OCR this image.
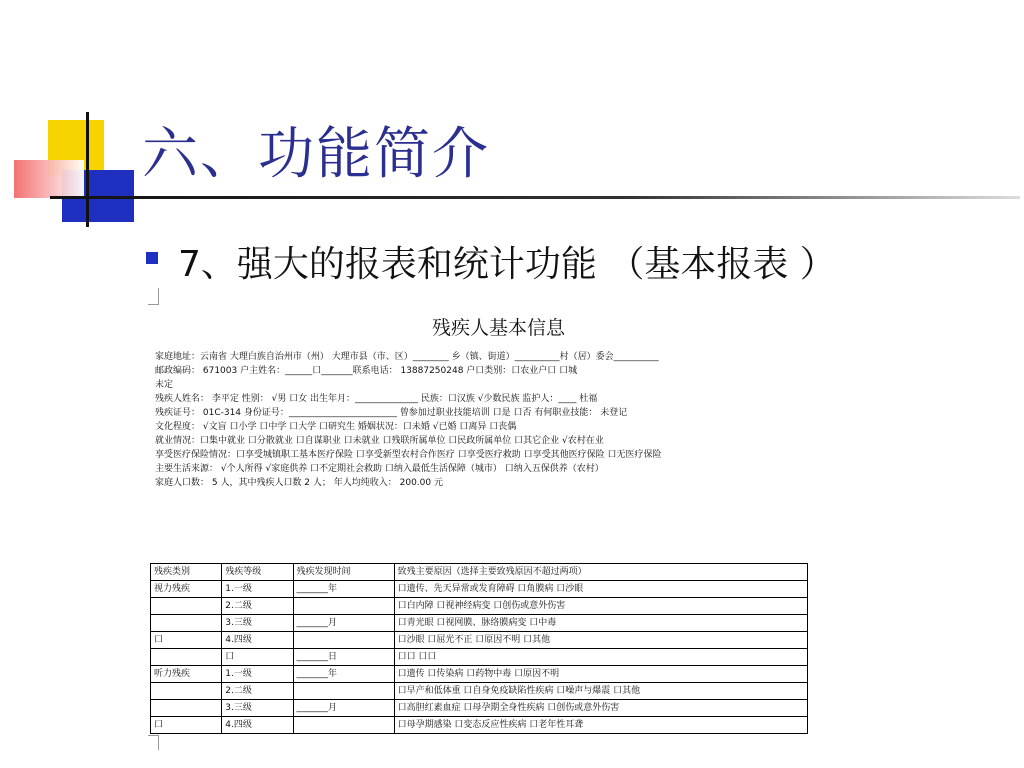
六、功能简介
7、强大的报表和统计功能 （基本报表 ）
残疾人基本信息
家庭地址：云南省 大理白族自治州市（州） 大理市县（市、区）________ 乡（镇、街道）__________村（居）委会__________
邮政编码： 671003 户主姓名：______口_______联系电话： 13887250248 户口类别：口农业户口 口城
未定
残疾人姓名： 李平定 性别： √男 口女 出生年月：______________ 民族：口汉族 √少数民族 监护人：____ 杜福
残疾证号： 01C-314 身份证号：________________________ 曾参加过职业技能培训 口是 口否 有何职业技能： 未登记
文化程度： √文盲 口小学 口中学 口大学 口研究生 婚姻状况：口未婚 √已婚 口离异 口丧偶
就业情况：口集中就业 口分散就业 口自谋职业 口未就业 口残联所属单位 口民政所属单位 口其它企业 √农村在业
享受医疗保险情况：口享受城镇职工基本医疗保险 口享受新型农村合作医疗 口享受医疗救助 口享受其他医疗保险 口无医疗保险
主要生活来源： √个人所得 √家庭供养 口不定期社会救助 口纳入最低生活保障（城市） 口纳入五保供养（农村）
家庭人口数： 5 人，其中残疾人口数 2 人； 年人均纯收入： 200.00 元
残疾类别	残疾等级	残疾发现时间	致残主要原因（选择主要致残原因不超过两项）
视力残疾	1.一级	_______年	口遗传、先天异常或发育障碍 口角膜病 口沙眼
	2.二级		口白内障 口视神经病变 口创伤或意外伤害
	3.三级	_______月	口青光眼 口视网膜、脉络膜病变 口中毒
口	4.四级		口沙眼 口屈光不正 口原因不明 口其他
	口	_______日	口口 口口
听力残疾	1.一级	_______年	口遗传 口传染病 口药物中毒 口原因不明
	2.二级		口早产和低体重 口自身免疫缺陷性疾病 口噪声与爆震 口其他
	3.三级	_______月	口高胆红素血症 口母孕期全身性疾病 口创伤或意外伤害
口	4.四级		口母孕期感染 口变态反应性疾病 口老年性耳聋
